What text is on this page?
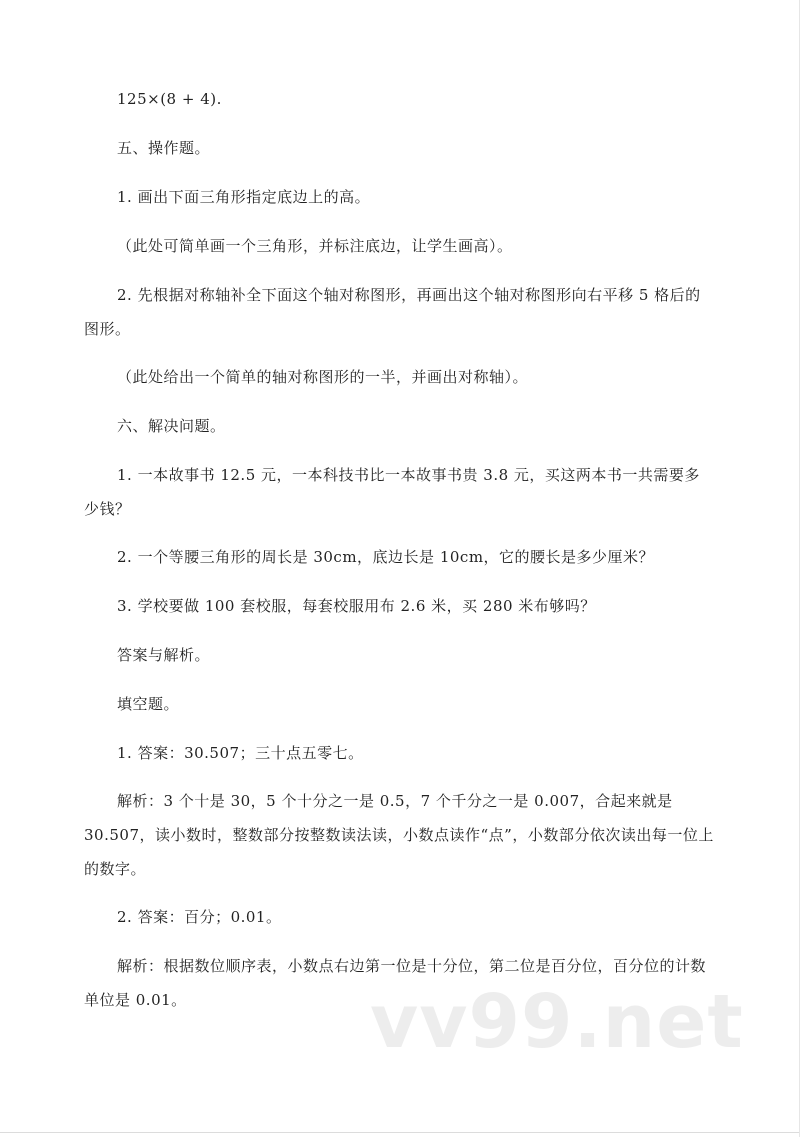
125×(8 + 4).

五、操作题。

1. 画出下面三角形指定底边上的高。

（此处可简单画一个三角形，并标注底边，让学生画高）。

2. 先根据对称轴补全下面这个轴对称图形，再画出这个轴对称图形向右平移 5 格后的图形。

（此处给出一个简单的轴对称图形的一半，并画出对称轴）。

六、解决问题。

1. 一本故事书 12.5 元，一本科技书比一本故事书贵 3.8 元，买这两本书一共需要多少钱？

2. 一个等腰三角形的周长是 30cm，底边长是 10cm，它的腰长是多少厘米？

3. 学校要做 100 套校服，每套校服用布 2.6 米，买 280 米布够吗？

答案与解析。

填空题。

1. 答案：30.507；三十点五零七。

解析：3 个十是 30，5 个十分之一是 0.5，7 个千分之一是 0.007，合起来就是 30.507，读小数时，整数部分按整数读法读，小数点读作“点”，小数部分依次读出每一位上的数字。

2. 答案：百分；0.01。

解析：根据数位顺序表，小数点右边第一位是十分位，第二位是百分位，百分位的计数单位是 0.01。	vv99.net
